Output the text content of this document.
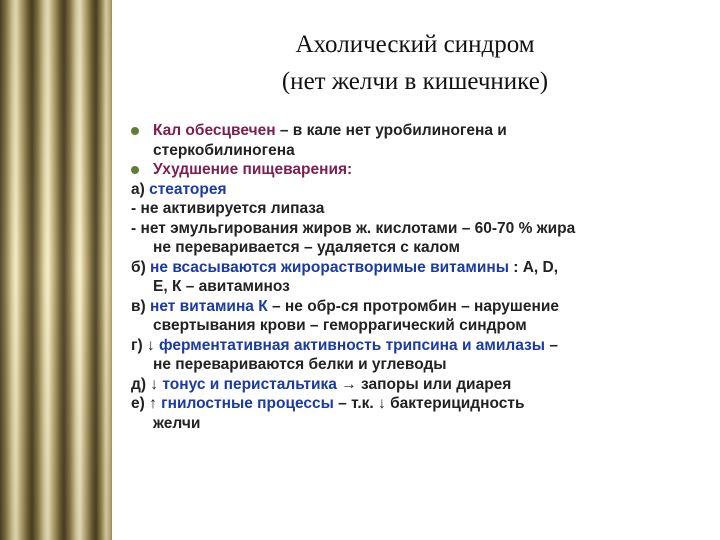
Ахолический синдром
(нет желчи в кишечнике)
Кал обесцвечен – в кале нет уробилиногена и
стеркобилиногена
Ухудшение пищеварения:
а) стеаторея
- не активируется липаза
- нет эмульгирования жиров ж. кислотами – 60-70 % жира
не переваривается – удаляется с калом
б) не всасываются жирорастворимые витамины : А, D,
Е, К – авитаминоз
в) нет витамина К – не обр-ся протромбин – нарушение
свертывания крови – геморрагический синдром
г) ↓ ферментативная активность трипсина и амилазы –
не перевариваются белки и углеводы
д) ↓ тонус и перистальтика → запоры или диарея
е) ↑ гнилостные процессы – т.к. ↓ бактерицидность
желчи
